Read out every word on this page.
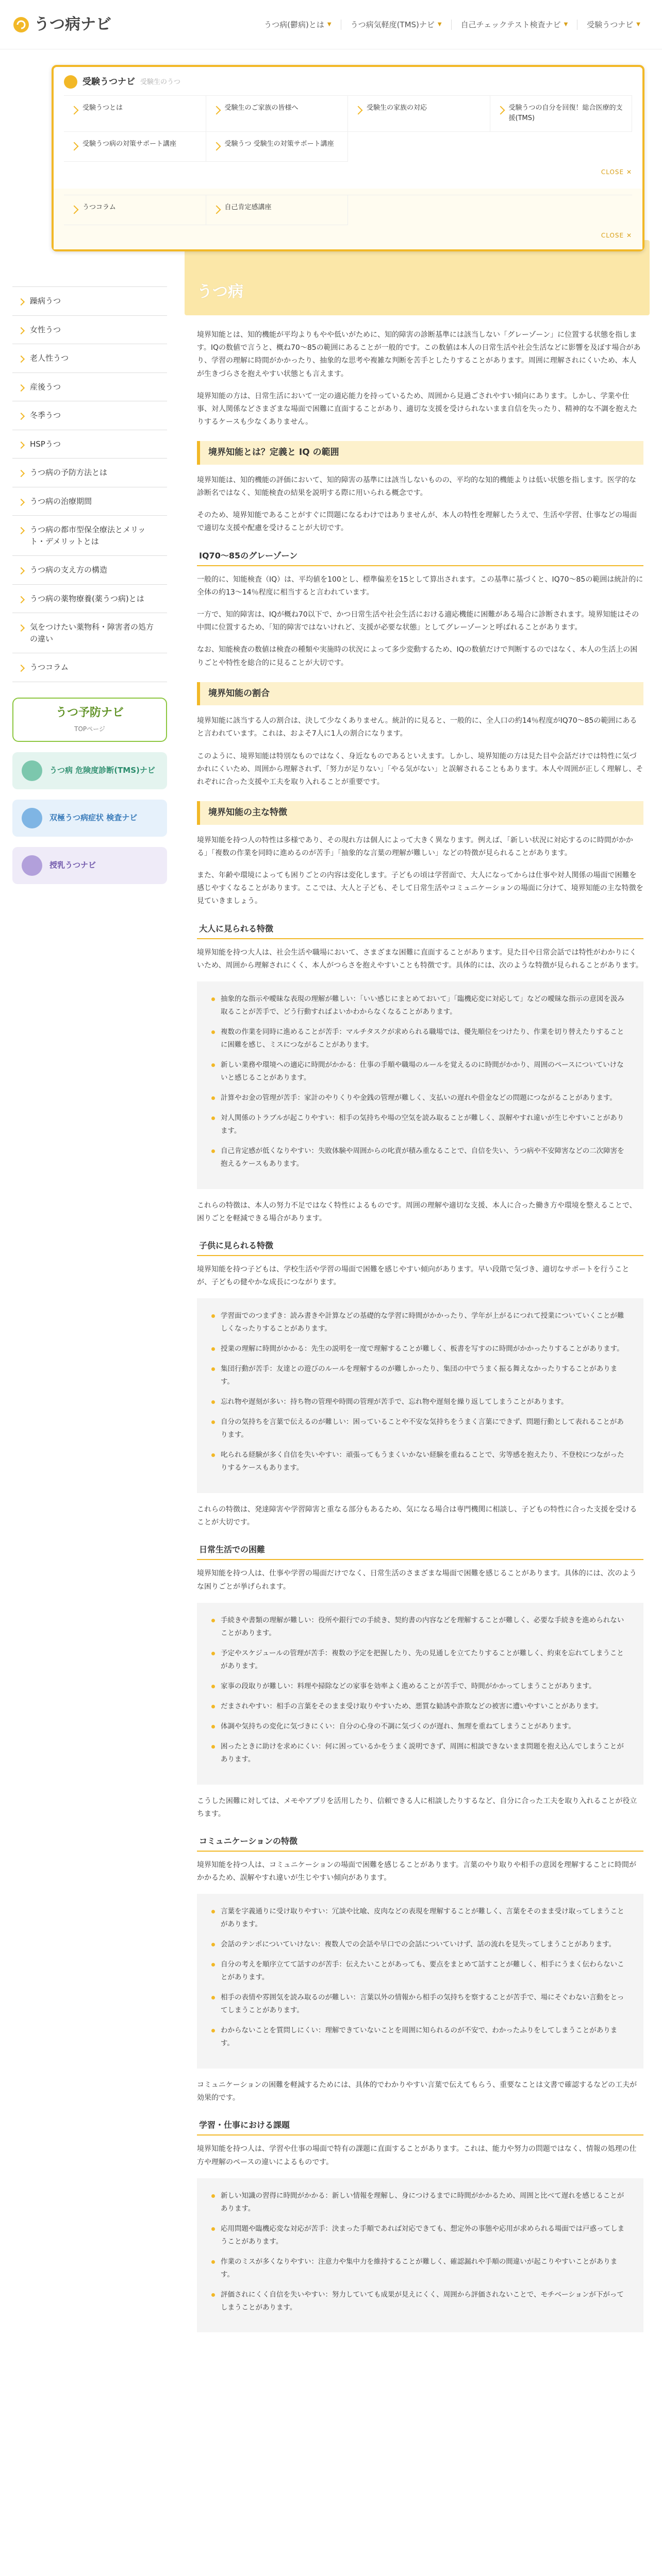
うつ病ナビ	うつ病(鬱病)とは ▼ うつ病気軽度(TMS)ナビ ▼ 自己チェックテスト検査ナビ ▼ 受験うつナビ ▼
受験うつナビ 受験生のうつ
受験うつとは	受験生のご家族の皆様へ	受験生の家族の対応	受験うつの自分を回復！総合医療的支援(TMS)
受験うつ病の対策サポート講座	受験うつ 受験生の対策サポート講座
CLOSE ✕
うつコラム	自己肯定感講座
CLOSE ✕
躁病うつ
女性うつ
老人性うつ
産後うつ
冬季うつ
HSPうつ
うつ病の予防方法とは
うつ病の治療期間
うつ病の都市型保全療法とメリット・デメリットとは
うつ病の支え方の構造
うつ病の薬物療養(薬うつ病)とは
気をつけたい薬物科・障害者の処方の違い
うつコラム
うつ予防ナビ
TOPページ
うつ病 危険度診断(TMS)ナビ
双極うつ病症状 検査ナビ
授乳うつナビ
うつ病

境界知能とは、知的機能が平均よりもやや低いがために、知的障害の診断基準には該当しない「グレーゾーン」に位置する状態を指します。IQの数値で言うと、概ね70〜85の範囲にあることが一般的です。この数値は本人の日常生活や社会生活などに影響を及ぼす場合があり、学習の理解に時間がかかったり、抽象的な思考や複雑な判断を苦手としたりすることがあります。周囲に理解されにくいため、本人が生きづらさを抱えやすい状態とも言えます。

境界知能の方は、日常生活において一定の適応能力を持っているため、周囲から見過ごされやすい傾向にあります。しかし、学業や仕事、対人関係などさまざまな場面で困難に直面することがあり、適切な支援を受けられないまま自信を失ったり、精神的な不調を抱えたりするケースも少なくありません。

境界知能とは？定義と IQ の範囲

境界知能は、知的機能の評価において、知的障害の基準には該当しないものの、平均的な知的機能よりは低い状態を指します。医学的な診断名ではなく、知能検査の結果を説明する際に用いられる概念です。

そのため、境界知能であることがすぐに問題になるわけではありませんが、本人の特性を理解したうえで、生活や学習、仕事などの場面で適切な支援や配慮を受けることが大切です。

IQ70〜85のグレーゾーン

一般的に、知能検査（IQ）は、平均値を100とし、標準偏差を15として算出されます。この基準に基づくと、IQ70〜85の範囲は統計的に全体の約13〜14％程度に相当すると言われています。

一方で、知的障害は、IQが概ね70以下で、かつ日常生活や社会生活における適応機能に困難がある場合に診断されます。境界知能はその中間に位置するため、「知的障害ではないけれど、支援が必要な状態」としてグレーゾーンと呼ばれることがあります。

なお、知能検査の数値は検査の種類や実施時の状況によって多少変動するため、IQの数値だけで判断するのではなく、本人の生活上の困りごとや特性を総合的に見ることが大切です。

境界知能の割合

境界知能に該当する人の割合は、決して少なくありません。統計的に見ると、一般的に、全人口の約14％程度がIQ70〜85の範囲にあると言われています。これは、およそ7人に1人の割合になります。

このように、境界知能は特別なものではなく、身近なものであるといえます。しかし、境界知能の方は見た目や会話だけでは特性に気づかれにくいため、周囲から理解されず、「努力が足りない」「やる気がない」と誤解されることもあります。本人や周囲が正しく理解し、それぞれに合った支援や工夫を取り入れることが重要です。

境界知能の主な特徴

境界知能を持つ人の特性は多様であり、その現れ方は個人によって大きく異なります。例えば、「新しい状況に対応するのに時間がかかる」「複数の作業を同時に進めるのが苦手」「抽象的な言葉の理解が難しい」などの特徴が見られることがあります。

また、年齢や環境によっても困りごとの内容は変化します。子どもの頃は学習面で、大人になってからは仕事や対人関係の場面で困難を感じやすくなることがあります。ここでは、大人と子ども、そして日常生活やコミュニケーションの場面に分けて、境界知能の主な特徴を見ていきましょう。

大人に見られる特徴

境界知能を持つ大人は、社会生活や職場において、さまざまな困難に直面することがあります。見た目や日常会話では特性がわかりにくいため、周囲から理解されにくく、本人がつらさを抱えやすいことも特徴です。具体的には、次のような特徴が見られることがあります。

抽象的な指示や曖昧な表現の理解が難しい：「いい感じにまとめておいて」「臨機応変に対応して」などの曖昧な指示の意図を汲み取ることが苦手で、どう行動すればよいかわからなくなることがあります。
複数の作業を同時に進めることが苦手：マルチタスクが求められる職場では、優先順位をつけたり、作業を切り替えたりすることに困難を感じ、ミスにつながることがあります。
新しい業務や環境への適応に時間がかかる：仕事の手順や職場のルールを覚えるのに時間がかかり、周囲のペースについていけないと感じることがあります。
計算やお金の管理が苦手：家計のやりくりや金銭の管理が難しく、支払いの遅れや借金などの問題につながることがあります。
対人関係のトラブルが起こりやすい：相手の気持ちや場の空気を読み取ることが難しく、誤解やすれ違いが生じやすいことがあります。
自己肯定感が低くなりやすい：失敗体験や周囲からの叱責が積み重なることで、自信を失い、うつ病や不安障害などの二次障害を抱えるケースもあります。

これらの特徴は、本人の努力不足ではなく特性によるものです。周囲の理解や適切な支援、本人に合った働き方や環境を整えることで、困りごとを軽減できる場合があります。

子供に見られる特徴

境界知能を持つ子どもは、学校生活や学習の場面で困難を感じやすい傾向があります。早い段階で気づき、適切なサポートを行うことが、子どもの健やかな成長につながります。

学習面でのつまずき：読み書きや計算などの基礎的な学習に時間がかかったり、学年が上がるにつれて授業についていくことが難しくなったりすることがあります。
授業の理解に時間がかかる：先生の説明を一度で理解することが難しく、板書を写すのに時間がかかったりすることがあります。
集団行動が苦手：友達との遊びのルールを理解するのが難しかったり、集団の中でうまく振る舞えなかったりすることがあります。
忘れ物や遅刻が多い：持ち物の管理や時間の管理が苦手で、忘れ物や遅刻を繰り返してしまうことがあります。
自分の気持ちを言葉で伝えるのが難しい：困っていることや不安な気持ちをうまく言葉にできず、問題行動として表れることがあります。
叱られる経験が多く自信を失いやすい：頑張ってもうまくいかない経験を重ねることで、劣等感を抱えたり、不登校につながったりするケースもあります。

これらの特徴は、発達障害や学習障害と重なる部分もあるため、気になる場合は専門機関に相談し、子どもの特性に合った支援を受けることが大切です。

日常生活での困難

境界知能を持つ人は、仕事や学習の場面だけでなく、日常生活のさまざまな場面で困難を感じることがあります。具体的には、次のような困りごとが挙げられます。

手続きや書類の理解が難しい：役所や銀行での手続き、契約書の内容などを理解することが難しく、必要な手続きを進められないことがあります。
予定やスケジュールの管理が苦手：複数の予定を把握したり、先の見通しを立てたりすることが難しく、約束を忘れてしまうことがあります。
家事の段取りが難しい：料理や掃除などの家事を効率よく進めることが苦手で、時間がかかってしまうことがあります。
だまされやすい：相手の言葉をそのまま受け取りやすいため、悪質な勧誘や詐欺などの被害に遭いやすいことがあります。
体調や気持ちの変化に気づきにくい：自分の心身の不調に気づくのが遅れ、無理を重ねてしまうことがあります。
困ったときに助けを求めにくい：何に困っているかをうまく説明できず、周囲に相談できないまま問題を抱え込んでしまうことがあります。

こうした困難に対しては、メモやアプリを活用したり、信頼できる人に相談したりするなど、自分に合った工夫を取り入れることが役立ちます。

コミュニケーションの特徴

境界知能を持つ人は、コミュニケーションの場面で困難を感じることがあります。言葉のやり取りや相手の意図を理解することに時間がかかるため、誤解やすれ違いが生じやすい傾向があります。

言葉を字義通りに受け取りやすい：冗談や比喩、皮肉などの表現を理解することが難しく、言葉をそのまま受け取ってしまうことがあります。
会話のテンポについていけない：複数人での会話や早口での会話についていけず、話の流れを見失ってしまうことがあります。
自分の考えを順序立てて話すのが苦手：伝えたいことがあっても、要点をまとめて話すことが難しく、相手にうまく伝わらないことがあります。
相手の表情や雰囲気を読み取るのが難しい：言葉以外の情報から相手の気持ちを察することが苦手で、場にそぐわない言動をとってしまうことがあります。
わからないことを質問しにくい：理解できていないことを周囲に知られるのが不安で、わかったふりをしてしまうことがあります。

コミュニケーションの困難を軽減するためには、具体的でわかりやすい言葉で伝えてもらう、重要なことは文書で確認するなどの工夫が効果的です。

学習・仕事における課題

境界知能を持つ人は、学習や仕事の場面で特有の課題に直面することがあります。これは、能力や努力の問題ではなく、情報の処理の仕方や理解のペースの違いによるものです。

新しい知識の習得に時間がかかる：新しい情報を理解し、身につけるまでに時間がかかるため、周囲と比べて遅れを感じることがあります。
応用問題や臨機応変な対応が苦手：決まった手順であれば対応できても、想定外の事態や応用が求められる場面では戸惑ってしまうことがあります。
作業のミスが多くなりやすい：注意力や集中力を維持することが難しく、確認漏れや手順の間違いが起こりやすいことがあります。
評価されにくく自信を失いやすい：努力していても成果が見えにくく、周囲から評価されないことで、モチベーションが下がってしまうことがあります。
